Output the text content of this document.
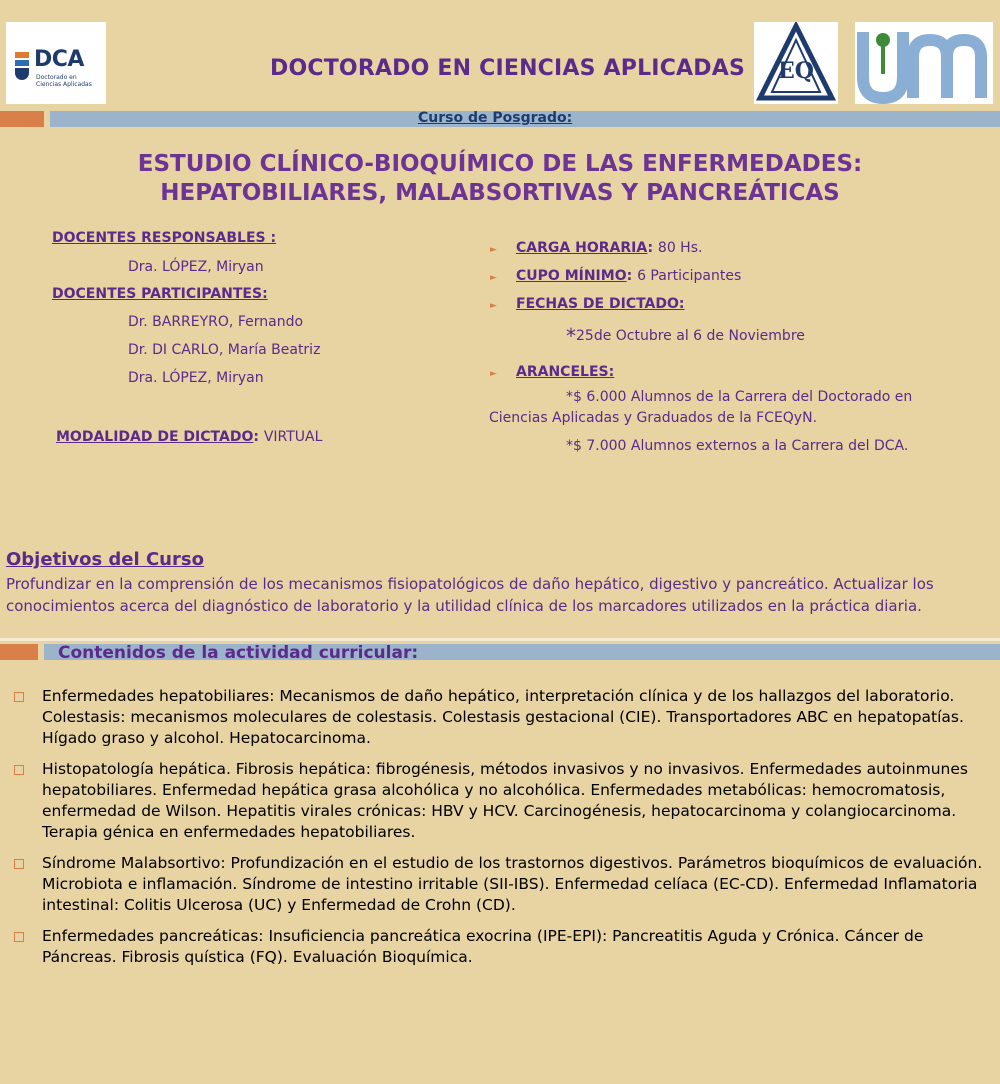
DCA
Doctorado en Ciencias Aplicadas
DOCTORADO EN CIENCIAS APLICADAS EQ
Curso de Posgrado:
ESTUDIO CLÍNICO-BIOQUÍMICO DE LAS ENFERMEDADES:
HEPATOBILIARES, MALABSORTIVAS Y PANCREÁTICAS
DOCENTES RESPONSABLES :
Dra. LÓPEZ, Miryan
DOCENTES PARTICIPANTES:
Dr. BARREYRO, Fernando
Dr. DI CARLO, María Beatriz
Dra. LÓPEZ, Miryan
MODALIDAD DE DICTADO: VIRTUAL
► CARGA HORARIA: 80 Hs.
► CUPO MÍNIMO: 6 Participantes
► FECHAS DE DICTADO:
*25de Octubre al 6 de Noviembre
► ARANCELES:
*$ 6.000 Alumnos de la Carrera del Doctorado en
Ciencias Aplicadas y Graduados de la FCEQyN.
*$ 7.000 Alumnos externos a la Carrera del DCA.
Objetivos del Curso
Profundizar en la comprensión de los mecanismos fisiopatológicos de daño hepático, digestivo y pancreático. Actualizar los conocimientos acerca del diagnóstico de laboratorio y la utilidad clínica de los marcadores utilizados en la práctica diaria.
Contenidos de la actividad curricular:
Enfermedades hepatobiliares: Mecanismos de daño hepático, interpretación clínica y de los hallazgos del laboratorio. Colestasis: mecanismos moleculares de colestasis. Colestasis gestacional (CIE). Transportadores ABC en hepatopatías. Hígado graso y alcohol. Hepatocarcinoma.
Histopatología hepática. Fibrosis hepática: fibrogénesis, métodos invasivos y no invasivos. Enfermedades autoinmunes hepatobiliares. Enfermedad hepática grasa alcohólica y no alcohólica. Enfermedades metabólicas: hemocromatosis, enfermedad de Wilson. Hepatitis virales crónicas: HBV y HCV. Carcinogénesis, hepatocarcinoma y colangiocarcinoma. Terapia génica en enfermedades hepatobiliares.
Síndrome Malabsortivo: Profundización en el estudio de los trastornos digestivos. Parámetros bioquímicos de evaluación. Microbiota e inflamación. Síndrome de intestino irritable (SII-IBS). Enfermedad celíaca (EC-CD). Enfermedad Inflamatoria intestinal: Colitis Ulcerosa (UC) y Enfermedad de Crohn (CD).
Enfermedades pancreáticas: Insuficiencia pancreática exocrina (IPE-EPI): Pancreatitis Aguda y Crónica. Cáncer de Páncreas. Fibrosis quística (FQ). Evaluación Bioquímica.
